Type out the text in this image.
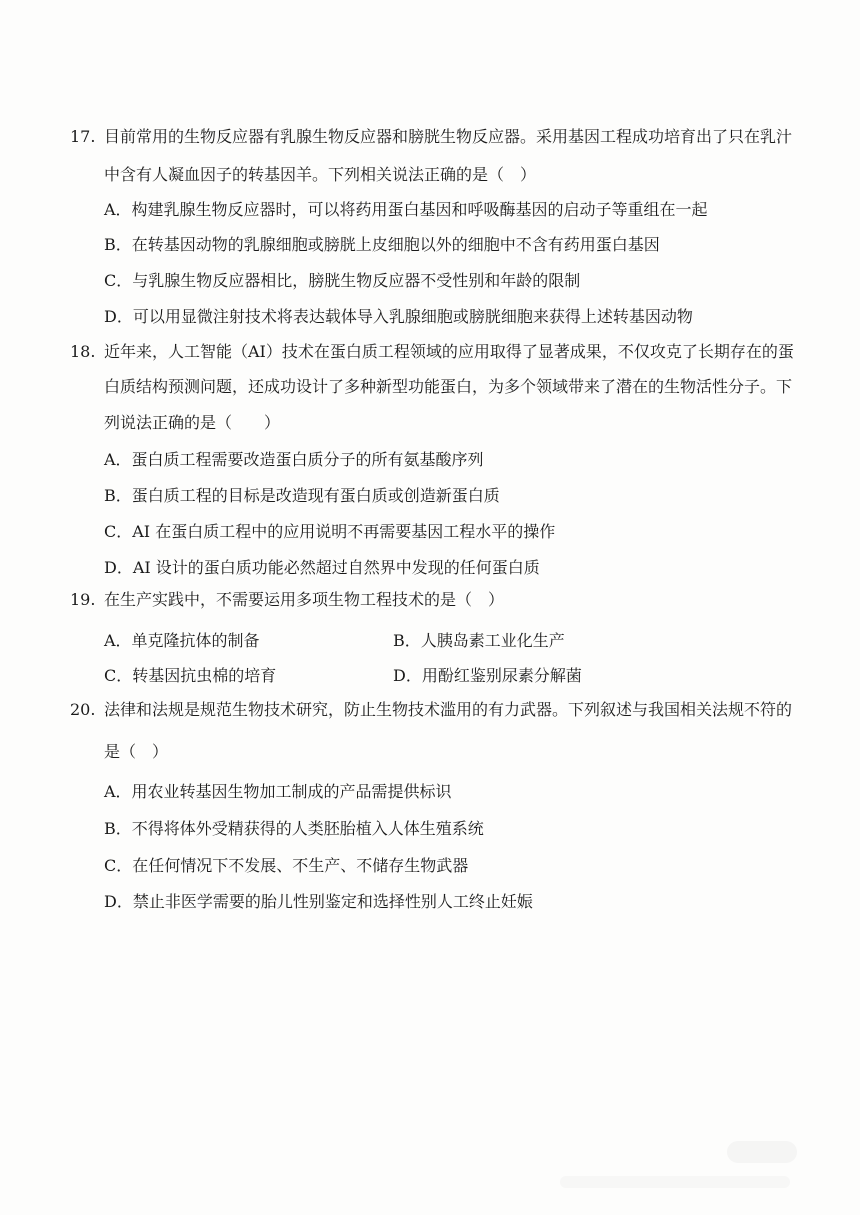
17. 目前常用的生物反应器有乳腺生物反应器和膀胱生物反应器。采用基因工程成功培育出了只在乳汁
中含有人凝血因子的转基因羊。下列相关说法正确的是（　）
A．构建乳腺生物反应器时，可以将药用蛋白基因和呼吸酶基因的启动子等重组在一起
B．在转基因动物的乳腺细胞或膀胱上皮细胞以外的细胞中不含有药用蛋白基因
C．与乳腺生物反应器相比，膀胱生物反应器不受性别和年龄的限制
D．可以用显微注射技术将表达载体导入乳腺细胞或膀胱细胞来获得上述转基因动物
18. 近年来，人工智能（AI）技术在蛋白质工程领域的应用取得了显著成果，不仅攻克了长期存在的蛋
白质结构预测问题，还成功设计了多种新型功能蛋白，为多个领域带来了潜在的生物活性分子。下
列说法正确的是（　　）
A．蛋白质工程需要改造蛋白质分子的所有氨基酸序列
B．蛋白质工程的目标是改造现有蛋白质或创造新蛋白质
C．AI 在蛋白质工程中的应用说明不再需要基因工程水平的操作
D．AI 设计的蛋白质功能必然超过自然界中发现的任何蛋白质
19. 在生产实践中，不需要运用多项生物工程技术的是（　）
A．单克隆抗体的制备	B．人胰岛素工业化生产
C．转基因抗虫棉的培育	D．用酚红鉴别尿素分解菌
20. 法律和法规是规范生物技术研究，防止生物技术滥用的有力武器。下列叙述与我国相关法规不符的
是（　）
A．用农业转基因生物加工制成的产品需提供标识
B．不得将体外受精获得的人类胚胎植入人体生殖系统
C．在任何情况下不发展、不生产、不储存生物武器
D．禁止非医学需要的胎儿性别鉴定和选择性别人工终止妊娠
